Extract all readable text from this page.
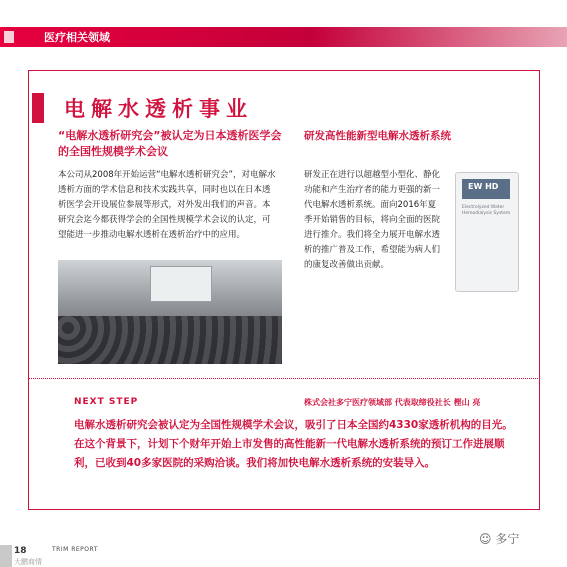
医疗相关领域
电解水透析事业
“电解水透析研究会”被认定为日本透析医学会的全国性规模学术会议
本公司从2008年开始运营“电解水透析研究会”，对电解水透析方面的学术信息和技术实践共享，同时也以在日本透析医学会开设展位参展等形式，对外发出我们的声音。本研究会迄今都获得学会的全国性规模学术会议的认定，可望能进一步推动电解水透析在透析治疗中的应用。
研发高性能新型电解水透析系统
研发正在进行以超越型小型化、静化功能和产生治疗者的能力更强的新一代电解水透析系统。面向2016年夏季开始销售的目标，将向全面的医院进行推介。我们将全力展开电解水透析的推广普及工作，希望能为病人们的康复改善做出贡献。
EW HD
Electrolyzed Water Hemodialysis System
NEXT STEP	株式会社多宁医疗领域部 代表取缔役社长 樫山 亮
电解水透析研究会被认定为全国性规模学术会议，吸引了日本全国约4330家透析机构的目光。在这个背景下，计划下个财年开始上市发售的高性能新一代电解水透析系统的预订工作进展顺利，已收到40多家医院的采购洽谈。我们将加快电解水透析系统的安装导入。
18	TRIM REPORT
☺ 多宁
大鹏商情
